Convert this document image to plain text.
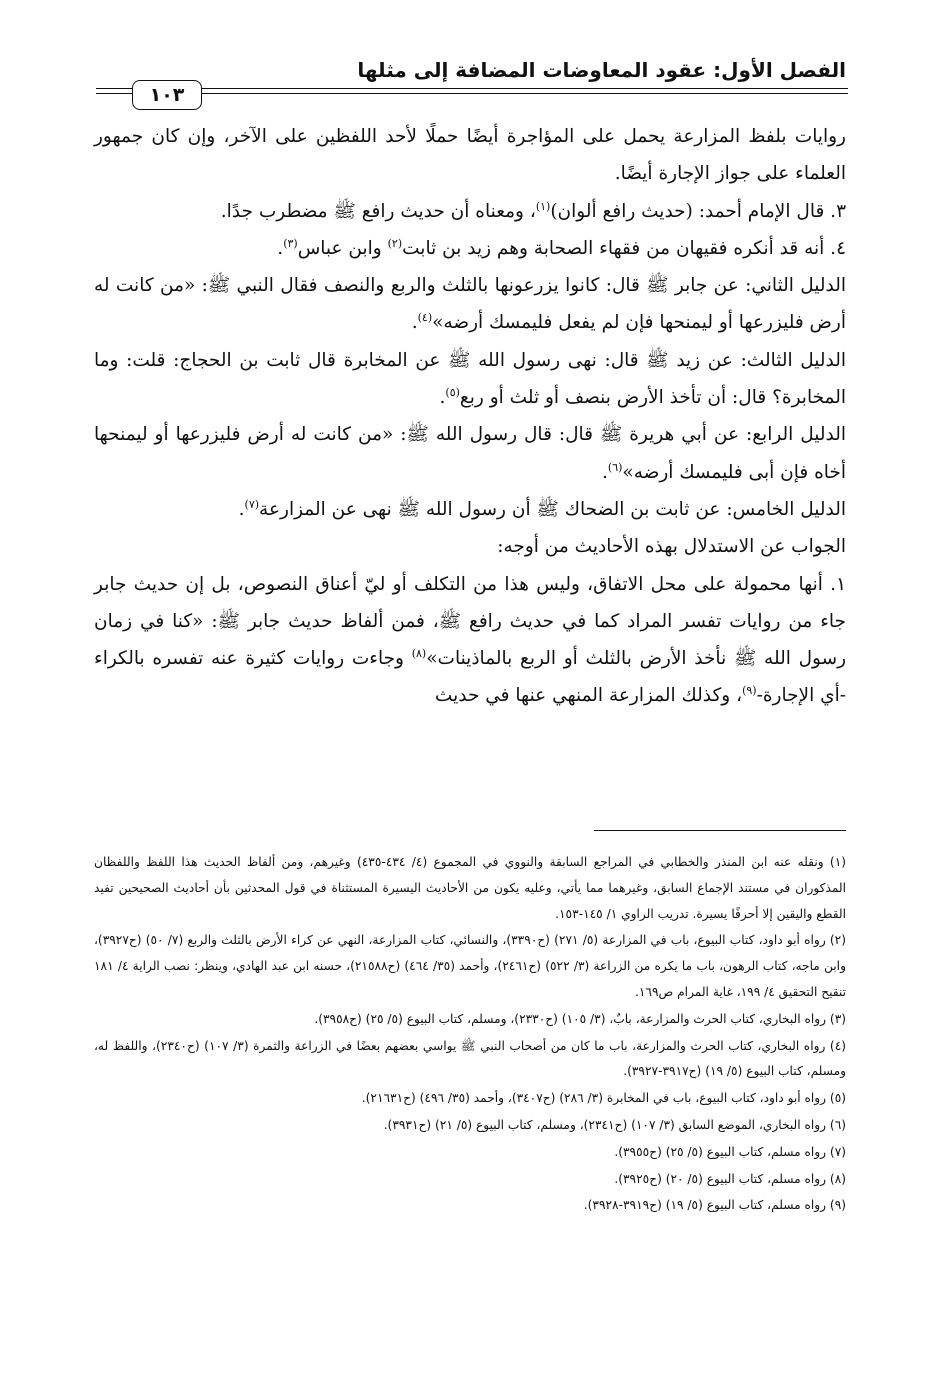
الفصل الأول: عقود المعاوضات المضافة إلى مثلها
١٠٣

روايات بلفظ المزارعة يحمل على المؤاجرة أيضًا حملًا لأحد اللفظين على الآخر، وإن كان جمهور العلماء على جواز الإجارة أيضًا.

٣. قال الإمام أحمد: (حديث رافع ألوان)$^{(١)}$، ومعناه أن حديث رافع ﷺ مضطرب جدًا.

٤. أنه قد أنكره فقيهان من فقهاء الصحابة وهم زيد بن ثابت$^{(٢)}$ وابن عباس$^{(٣)}$.

الدليل الثاني: عن جابر ﷺ قال: كانوا يزرعونها بالثلث والربع والنصف فقال النبي ﷺ: «من كانت له أرض فليزرعها أو ليمنحها فإن لم يفعل فليمسك أرضه»$^{(٤)}$.

الدليل الثالث: عن زيد ﷺ قال: نهى رسول الله ﷺ عن المخابرة قال ثابت بن الحجاج: قلت: وما المخابرة؟ قال: أن تأخذ الأرض بنصف أو ثلث أو ربع$^{(٥)}$.

الدليل الرابع: عن أبي هريرة ﷺ قال: قال رسول الله ﷺ: «من كانت له أرض فليزرعها أو ليمنحها أخاه فإن أبى فليمسك أرضه»$^{(٦)}$.

الدليل الخامس: عن ثابت بن الضحاك ﷺ أن رسول الله ﷺ نهى عن المزارعة$^{(٧)}$.

الجواب عن الاستدلال بهذه الأحاديث من أوجه:

١. أنها محمولة على محل الاتفاق، وليس هذا من التكلف أو ليّ أعناق النصوص، بل إن حديث جابر جاء من روايات تفسر المراد كما في حديث رافع ﷺ، فمن ألفاظ حديث جابر ﷺ: «كنا في زمان رسول الله ﷺ نأخذ الأرض بالثلث أو الربع بالماذينات»$^{(٨)}$ وجاءت روايات كثيرة عنه تفسره بالكراء -أي الإجارة-$^{(٩)}$، وكذلك المزارعة المنهي عنها في حديث

(١) ونقله عنه ابن المنذر والخطابي في المراجع السابقة والنووي في المجموع (٤/ ٤٣٤-٤٣٥) وغيرهم، ومن ألفاظ الحديث هذا اللفظ واللفظان المذكوران في مستند الإجماع السابق، وغيرهما مما يأتي، وعليه يكون من الأحاديث اليسيرة المستثناة في قول المحدثين بأن أحاديث الصحيحين تفيد القطع واليقين إلا أحرفًا يسيرة. تدريب الراوي ١/ ١٤٥-١٥٣.

(٢) رواه أبو داود، كتاب البيوع، باب في المزارعة (٥/ ٢٧١) (ح٣٣٩٠)، والنسائي، كتاب المزارعة، النهي عن كراء الأرض بالثلث والربع (٧/ ٥٠) (ح٣٩٢٧)، وابن ماجه، كتاب الرهون، باب ما يكره من الزراعة (٣/ ٥٢٢) (ح٢٤٦١)، وأحمد (٣٥/ ٤٦٤) (ح٢١٥٨٨)، حسنه ابن عبد الهادي، وينظر: نصب الراية ٤/ ١٨١ تنقيح التحقيق ٤/ ١٩٩، غاية المرام ص١٦٩.

(٣) رواه البخاري، كتاب الحرث والمزارعة، بابٌ، (٣/ ١٠٥) (ح٢٣٣٠)، ومسلم، كتاب البيوع (٥/ ٢٥) (ح٣٩٥٨).

(٤) رواه البخاري، كتاب الحرث والمزارعة، باب ما كان من أصحاب النبي ﷺ يواسي بعضهم بعضًا في الزراعة والثمرة (٣/ ١٠٧) (ح٢٣٤٠)، واللفظ له، ومسلم، كتاب البيوع (٥/ ١٩) (ح٣٩١٧-٣٩٢٧).

(٥) رواه أبو داود، كتاب البيوع، باب في المخابرة (٣/ ٢٨٦) (ح٣٤٠٧)، وأحمد (٣٥/ ٤٩٦) (ح٢١٦٣١).

(٦) رواه البخاري، الموضع السابق (٣/ ١٠٧) (ح٢٣٤١)، ومسلم، كتاب البيوع (٥/ ٢١) (ح٣٩٣١).

(٧) رواه مسلم، كتاب البيوع (٥/ ٢٥) (ح٣٩٥٥).

(٨) رواه مسلم، كتاب البيوع (٥/ ٢٠) (ح٣٩٢٥).

(٩) رواه مسلم، كتاب البيوع (٥/ ١٩) (ح٣٩١٩-٣٩٢٨).
